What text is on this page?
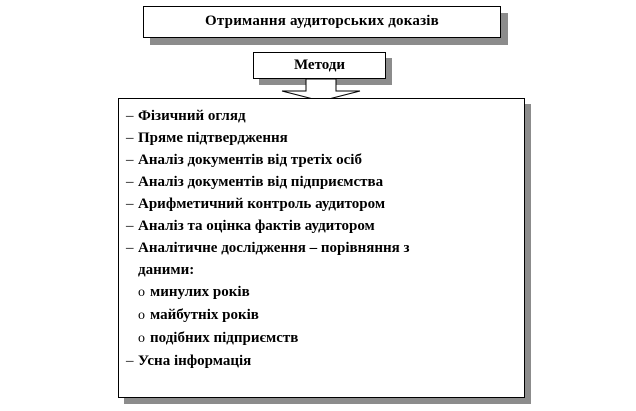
Отримання аудиторських доказів
Методи
– Фізичний огляд
– Пряме підтвердження
– Аналіз документів від третіх осіб
– Аналіз документів від підприємства
– Арифметичний контроль аудитором
– Аналіз та оцінка фактів аудитором
– Аналітичне дослідження – порівняння з
даними:
o минулих років
o майбутніх років
o подібних підприємств
– Усна інформація
